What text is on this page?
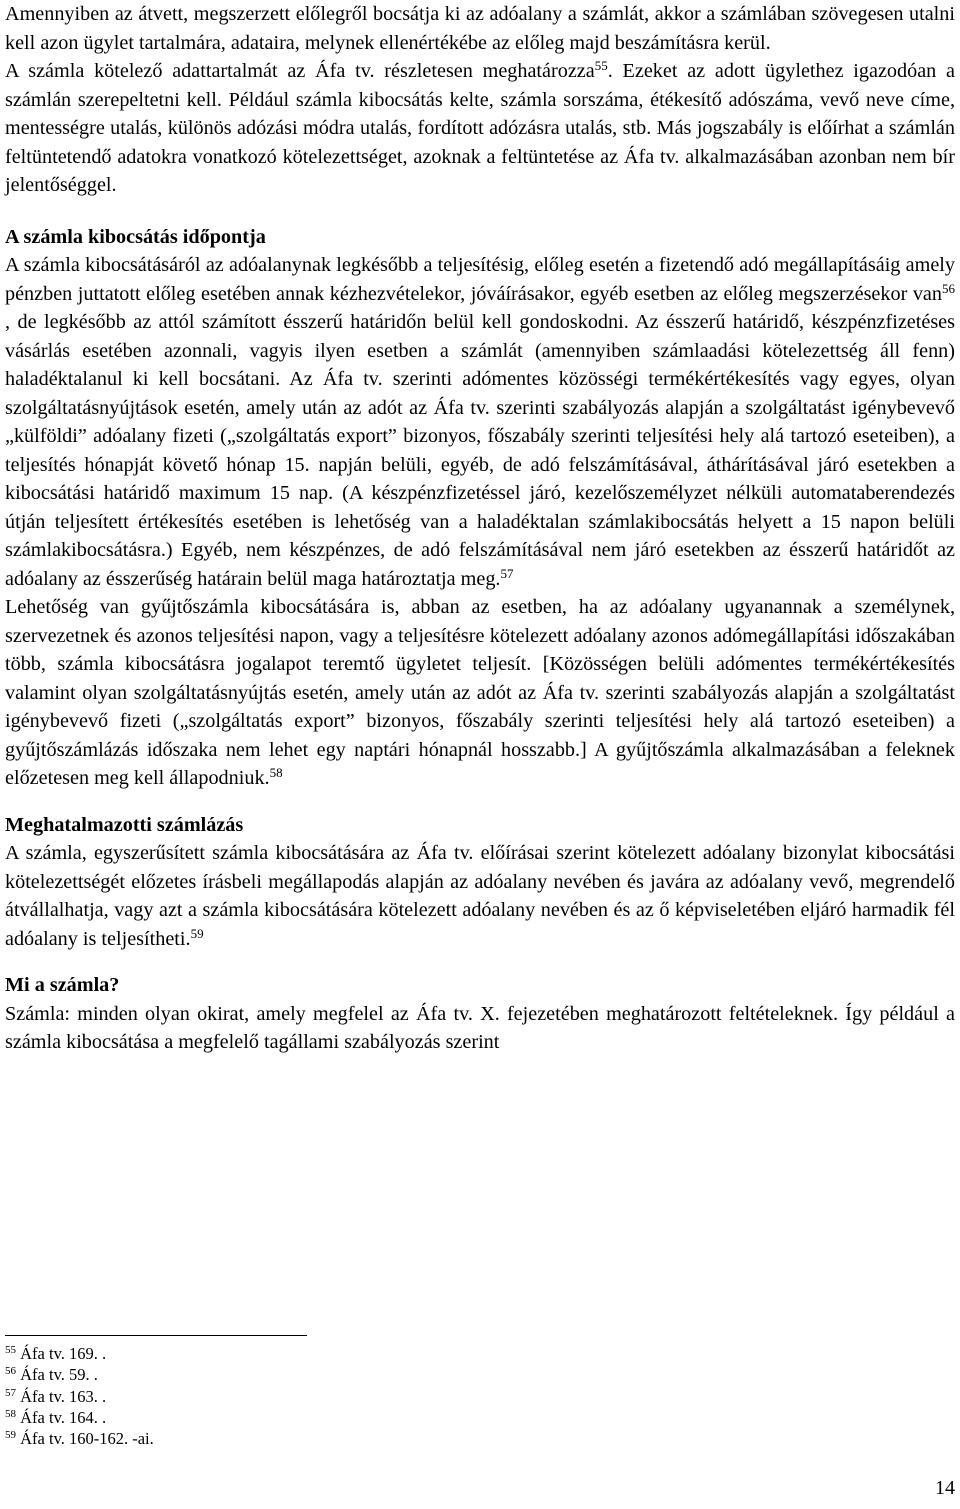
Amennyiben az átvett, megszerzett előlegről bocsátja ki az adóalany a számlát, akkor a számlában szövegesen utalni kell azon ügylet tartalmára, adataira, melynek ellenértékébe az előleg majd beszámításra kerül.

A számla kötelező adattartalmát az Áfa tv. részletesen meghatározza$^{55}$. Ezeket az adott ügylethez igazodóan a számlán szerepeltetni kell. Például számla kibocsátás kelte, számla sorszáma, étékesítő adószáma, vevő neve címe, mentességre utalás, különös adózási módra utalás, fordított adózásra utalás, stb. Más jogszabály is előírhat a számlán feltüntetendő adatokra vonatkozó kötelezettséget, azoknak a feltüntetése az Áfa tv. alkalmazásában azonban nem bír jelentőséggel.

A számla kibocsátás időpontja

A számla kibocsátásáról az adóalanynak legkésőbb a teljesítésig, előleg esetén a fizetendő adó megállapításáig amely pénzben juttatott előleg esetében annak kézhezvételekor, jóváírásakor, egyéb esetben az előleg megszerzésekor van$^{56}$ , de legkésőbb az attól számított ésszerű határidőn belül kell gondoskodni. Az ésszerű határidő, készpénzfizetéses vásárlás esetében azonnali, vagyis ilyen esetben a számlát (amennyiben számlaadási kötelezettség áll fenn) haladéktalanul ki kell bocsátani. Az Áfa tv. szerinti adómentes közösségi termékértékesítés vagy egyes, olyan szolgáltatásnyújtások esetén, amely után az adót az Áfa tv. szerinti szabályozás alapján a szolgáltatást igénybevevő „külföldi” adóalany fizeti („szolgáltatás export” bizonyos, főszabály szerinti teljesítési hely alá tartozó eseteiben), a teljesítés hónapját követő hónap 15. napján belüli, egyéb, de adó felszámításával, áthárításával járó esetekben a kibocsátási határidő maximum 15 nap. (A készpénzfizetéssel járó, kezelőszemélyzet nélküli automataberendezés útján teljesített értékesítés esetében is lehetőség van a haladéktalan számlakibocsátás helyett a 15 napon belüli számlakibocsátásra.) Egyéb, nem készpénzes, de adó felszámításával nem járó esetekben az ésszerű határidőt az adóalany az ésszerűség határain belül maga határoztatja meg.$^{57}$

Lehetőség van gyűjtőszámla kibocsátására is, abban az esetben, ha az adóalany ugyanannak a személynek, szervezetnek és azonos teljesítési napon, vagy a teljesítésre kötelezett adóalany azonos adómegállapítási időszakában több, számla kibocsátásra jogalapot teremtő ügyletet teljesít. [Közösségen belüli adómentes termékértékesítés valamint olyan szolgáltatásnyújtás esetén, amely után az adót az Áfa tv. szerinti szabályozás alapján a szolgáltatást igénybevevő fizeti („szolgáltatás export” bizonyos, főszabály szerinti teljesítési hely alá tartozó eseteiben) a gyűjtőszámlázás időszaka nem lehet egy naptári hónapnál hosszabb.] A gyűjtőszámla alkalmazásában a feleknek előzetesen meg kell állapodniuk.$^{58}$

Meghatalmazotti számlázás

A számla, egyszerűsített számla kibocsátására az Áfa tv. előírásai szerint kötelezett adóalany bizonylat kibocsátási kötelezettségét előzetes írásbeli megállapodás alapján az adóalany nevében és javára az adóalany vevő, megrendelő átvállalhatja, vagy azt a számla kibocsátására kötelezett adóalany nevében és az ő képviseletében eljáró harmadik fél adóalany is teljesítheti.$^{59}$

Mi a számla?

Számla: minden olyan okirat, amely megfelel az Áfa tv. X. fejezetében meghatározott feltételeknek. Így például a számla kibocsátása a megfelelő tagállami szabályozás szerint

$^{55}$ Áfa tv. 169. .

$^{56}$ Áfa tv. 59. .

$^{57}$ Áfa tv. 163. .

$^{58}$ Áfa tv. 164. .

$^{59}$ Áfa tv. 160-162. -ai.

14
